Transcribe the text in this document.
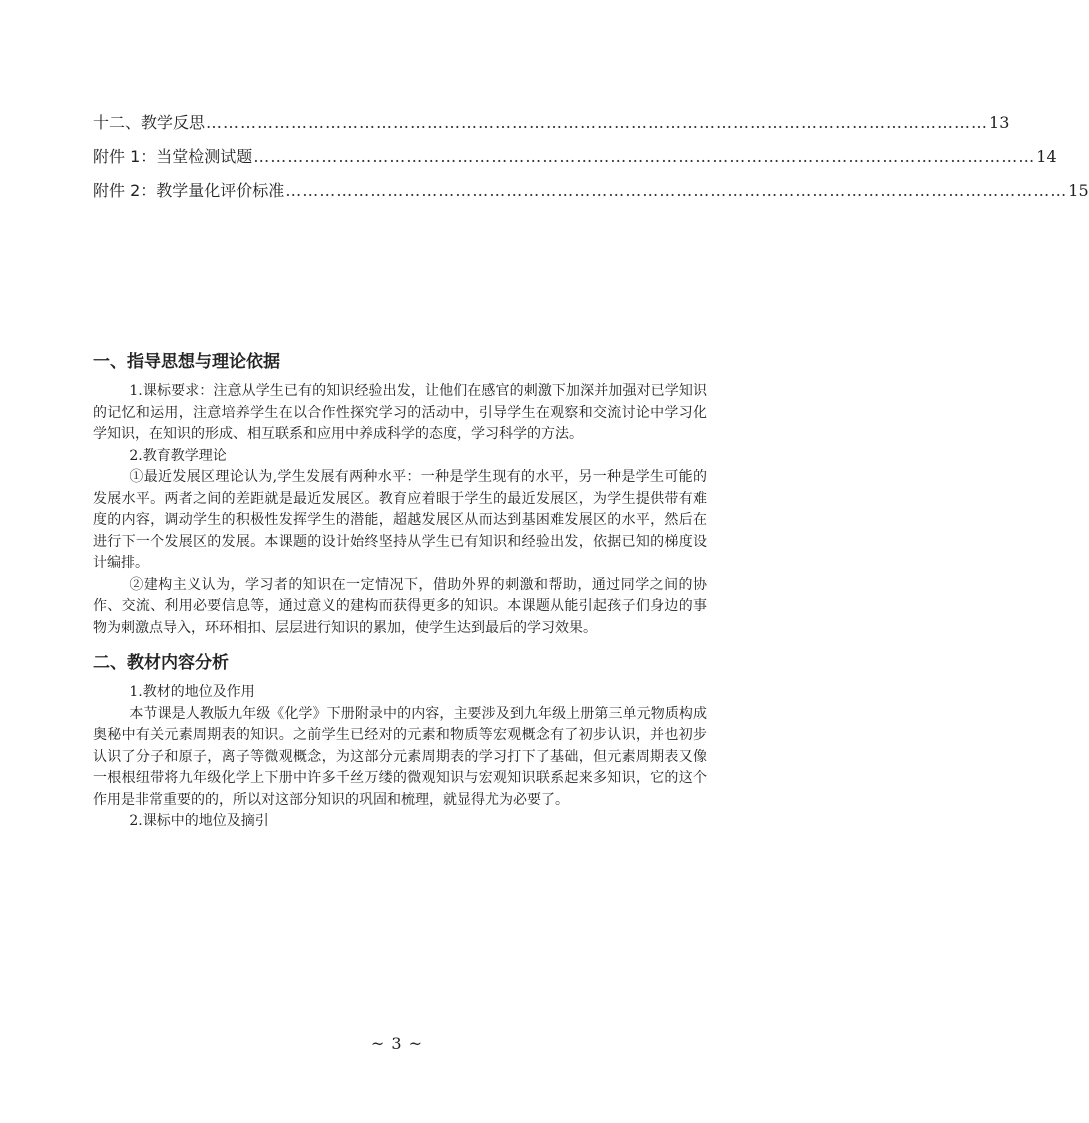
十二、教学反思 ………………………………………………………………………………………………………………………… 13
附件 1：当堂检测试题 ………………………………………………………………………………………………………………………… 14
附件 2：教学量化评价标准 ………………………………………………………………………………………………………………………… 15
一、指导思想与理论依据

1.课标要求：注意从学生已有的知识经验出发，让他们在感官的刺激下加深并加强对已学知识的记忆和运用，注意培养学生在以合作性探究学习的活动中，引导学生在观察和交流讨论中学习化学知识，在知识的形成、相互联系和应用中养成科学的态度，学习科学的方法。

2.教育教学理论

①最近发展区理论认为,学生发展有两种水平：一种是学生现有的水平，另一种是学生可能的发展水平。两者之间的差距就是最近发展区。教育应着眼于学生的最近发展区，为学生提供带有难度的内容，调动学生的积极性发挥学生的潜能，超越发展区从而达到基困难发展区的水平，然后在进行下一个发展区的发展。本课题的设计始终坚持从学生已有知识和经验出发，依据已知的梯度设计编排。

②建构主义认为，学习者的知识在一定情况下，借助外界的刺激和帮助，通过同学之间的协作、交流、利用必要信息等，通过意义的建构而获得更多的知识。本课题从能引起孩子们身边的事物为刺激点导入，环环相扣、层层进行知识的累加，使学生达到最后的学习效果。

二、教材内容分析

1.教材的地位及作用

本节课是人教版九年级《化学》下册附录中的内容，主要涉及到九年级上册第三单元物质构成奥秘中有关元素周期表的知识。之前学生已经对的元素和物质等宏观概念有了初步认识，并也初步认识了分子和原子，离子等微观概念，为这部分元素周期表的学习打下了基础，但元素周期表又像一根根纽带将九年级化学上下册中许多千丝万缕的微观知识与宏观知识联系起来多知识，它的这个作用是非常重要的的，所以对这部分知识的巩固和梳理，就显得尤为必要了。

2.课标中的地位及摘引

~ 3 ~
